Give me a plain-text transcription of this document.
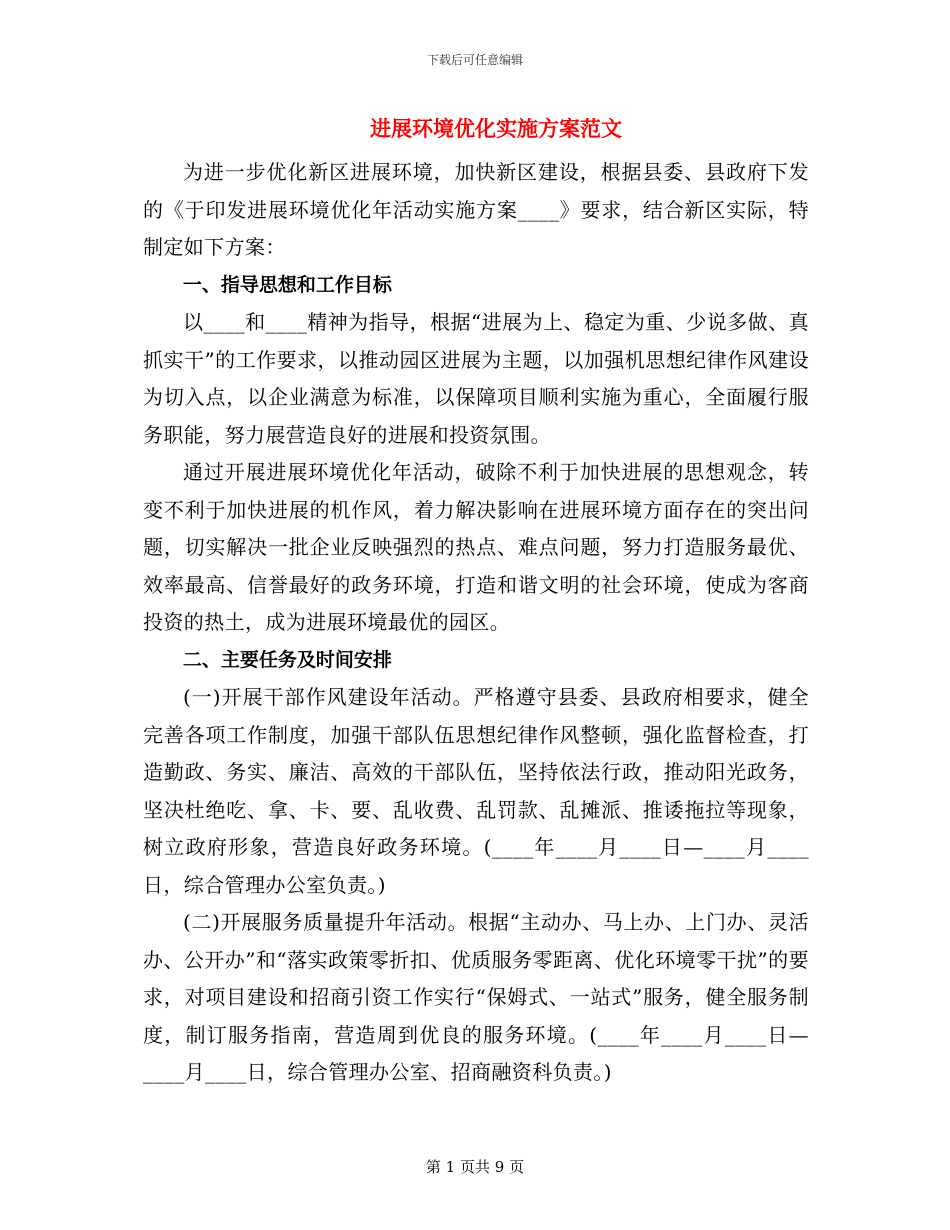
下载后可任意编辑
进展环境优化实施方案范文

为进一步优化新区进展环境，加快新区建设，根据县委、县政府下发的《于印发进展环境优化年活动实施方案____》要求，结合新区实际，特制定如下方案：

一、指导思想和工作目标

以____和____精神为指导，根据“进展为上、稳定为重、少说多做、真抓实干”的工作要求，以推动园区进展为主题，以加强机思想纪律作风建设为切入点，以企业满意为标准，以保障项目顺利实施为重心，全面履行服务职能，努力展营造良好的进展和投资氛围。

通过开展进展环境优化年活动，破除不利于加快进展的思想观念，转变不利于加快进展的机作风，着力解决影响在进展环境方面存在的突出问题，切实解决一批企业反映强烈的热点、难点问题，努力打造服务最优、效率最高、信誉最好的政务环境，打造和谐文明的社会环境，使成为客商投资的热土，成为进展环境最优的园区。

二、主要任务及时间安排

(一)开展干部作风建设年活动。严格遵守县委、县政府相要求，健全完善各项工作制度，加强干部队伍思想纪律作风整顿，强化监督检查，打造勤政、务实、廉洁、高效的干部队伍，坚持依法行政，推动阳光政务，坚决杜绝吃、拿、卡、要、乱收费、乱罚款、乱摊派、推诿拖拉等现象，树立政府形象，营造良好政务环境。(____年____月____日—____月____日，综合管理办公室负责。)

(二)开展服务质量提升年活动。根据“主动办、马上办、上门办、灵活办、公开办”和“落实政策零折扣、优质服务零距离、优化环境零干扰”的要求，对项目建设和招商引资工作实行“保姆式、一站式”服务，健全服务制度，制订服务指南，营造周到优良的服务环境。(____年____月____日—____月____日，综合管理办公室、招商融资科负责。)

第 1 页共 9 页
